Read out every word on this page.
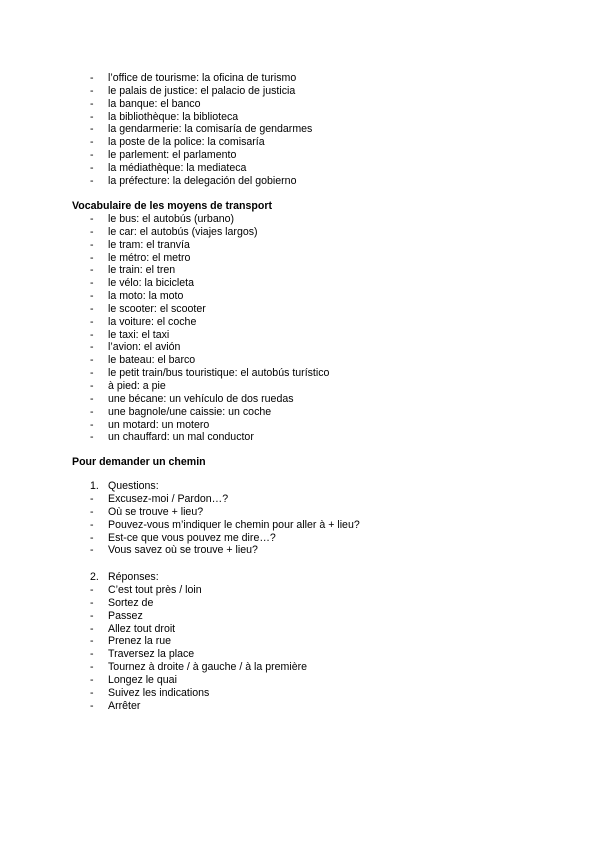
- l’office de tourisme: la oficina de turismo
- le palais de justice: el palacio de justicia
- la banque: el banco
- la bibliothèque: la biblioteca
- la gendarmerie: la comisaría de gendarmes
- la poste de la police: la comisaría
- le parlement: el parlamento
- la médiathèque: la mediateca
- la préfecture: la delegación del gobierno
Vocabulaire de les moyens de transport
- le bus: el autobús (urbano)
- le car: el autobús (viajes largos)
- le tram: el tranvía
- le métro: el metro
- le train: el tren
- le vélo: la bicicleta
- la moto: la moto
- le scooter: el scooter
- la voiture: el coche
- le taxi: el taxi
- l’avion: el avión
- le bateau: el barco
- le petit train/bus touristique: el autobús turístico
- à pied: a pie
- une bécane: un vehículo de dos ruedas
- une bagnole/une caissie: un coche
- un motard: un motero
- un chauffard: un mal conductor
Pour demander un chemin
1. Questions:
- Excusez-moi / Pardon…?
- Où se trouve + lieu?
- Pouvez-vous m’indiquer le chemin pour aller à + lieu?
- Est-ce que vous pouvez me dire…?
- Vous savez où se trouve + lieu?
2. Réponses:
- C’est tout près / loin
- Sortez de
- Passez
- Allez tout droit
- Prenez la rue
- Traversez la place
- Tournez à droite / à gauche / à la première
- Longez le quai
- Suivez les indications
- Arrêter
